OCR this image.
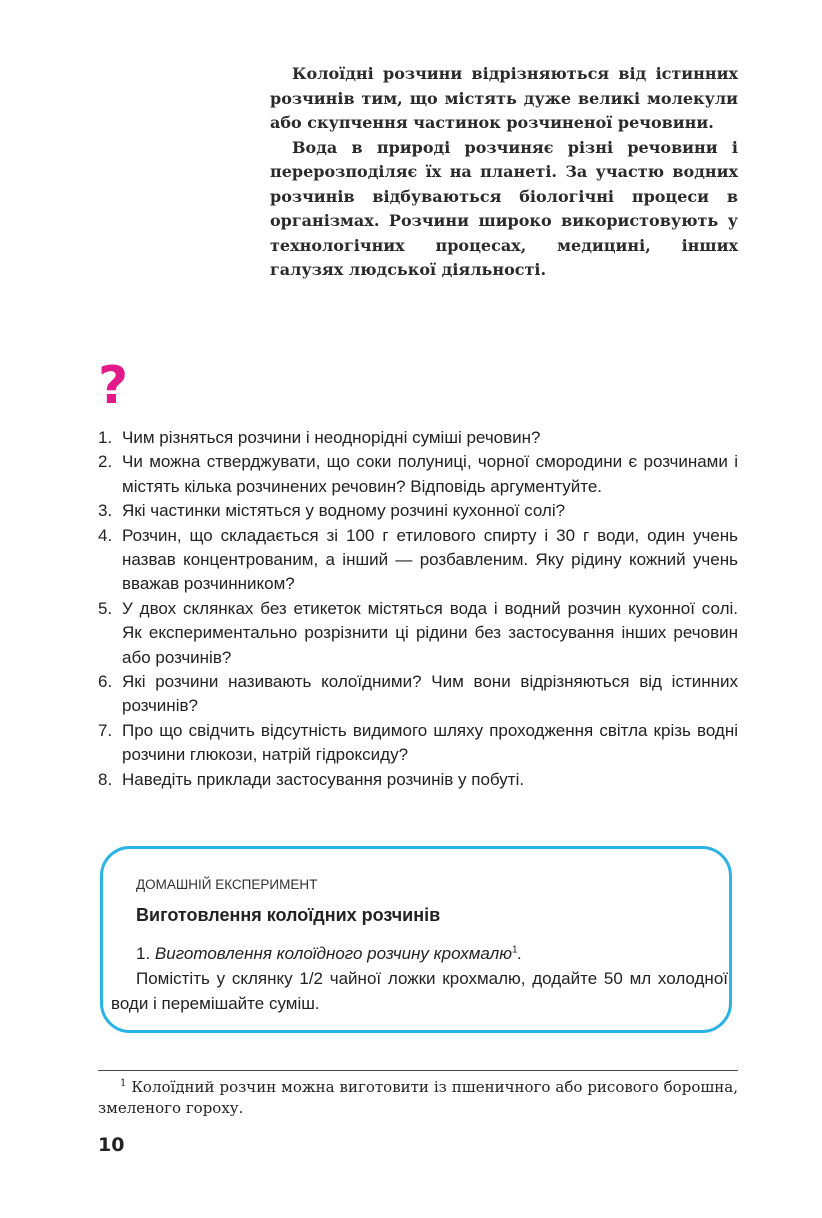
Колоїдні розчини відрізняються від істинних розчинів тим, що містять дуже великі молекули або скупчення частинок розчиненої речовини.

Вода в природі розчиняє різні речовини і перерозподіляє їх на планеті. За участю водних розчинів відбуваються біологічні процеси в організмах. Розчини широко використовують у технологічних процесах, медицині, інших галузях людської діяльності.

?
1. Чим різняться розчини і неоднорідні суміші речовин?
2. Чи можна стверджувати, що соки полуниці, чорної смородини є розчинами і містять кілька розчинених речовин? Відповідь аргументуйте.
3. Які частинки містяться у водному розчині кухонної солі?
4. Розчин, що складається зі 100 г етилового спирту і 30 г води, один учень назвав концентрованим, а інший — розбавленим. Яку рідину кожний учень вважав розчинником?
5. У двох склянках без етикеток містяться вода і водний розчин кухонної солі. Як експериментально розрізнити ці рідини без застосування інших речовин або розчинів?
6. Які розчини називають колоїдними? Чим вони відрізняються від істинних розчинів?
7. Про що свідчить відсутність видимого шляху проходження світла крізь водні розчини глюкози, натрій гідроксиду?
8. Наведіть приклади застосування розчинів у побуті.
ДОМАШНІЙ ЕКСПЕРИМЕНТ
Виготовлення колоїдних розчинів

1. Виготовлення колоїдного розчину крохмалю$^1$.

Помістіть у склянку 1/2 чайної ложки крохмалю, додайте 50 мл холодної води і перемішайте суміш.

$^1$ Колоїдний розчин можна виготовити із пшеничного або рисового борошна, змеленого гороху.

10
